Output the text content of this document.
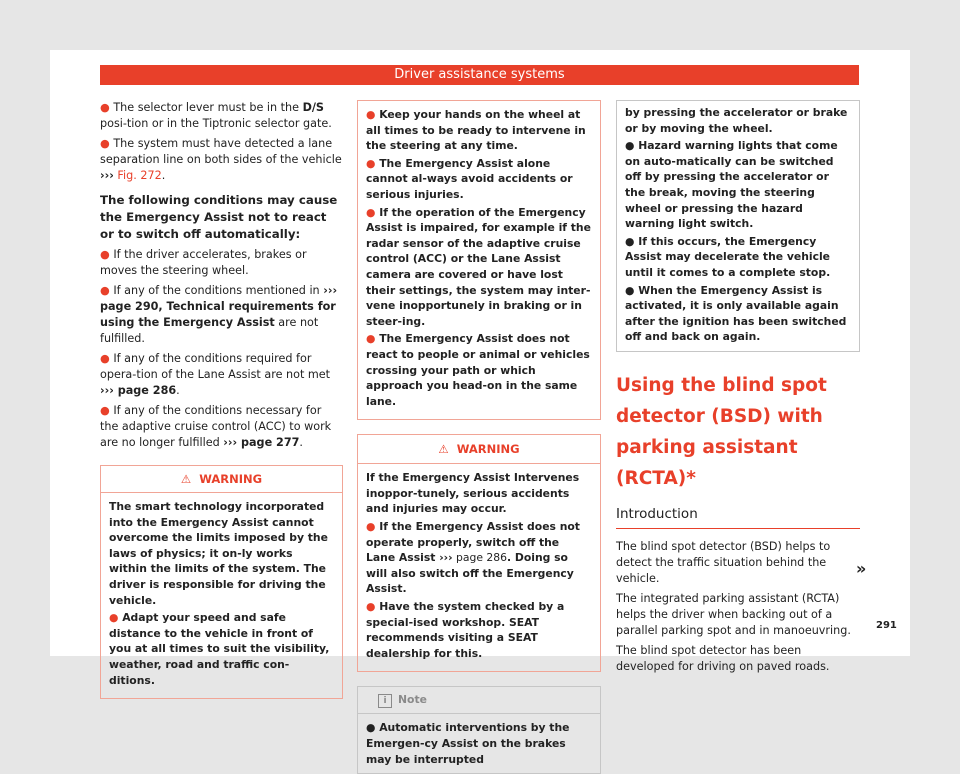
Driver assistance systems

● The selector lever must be in the D/S posi-tion or in the Tiptronic selector gate.

● The system must have detected a lane separation line on both sides of the vehicle ››› Fig. 272.

The following conditions may cause the Emergency Assist not to react or to switch off automatically:

● If the driver accelerates, brakes or moves the steering wheel.

● If any of the conditions mentioned in ››› page 290, Technical requirements for using the Emergency Assist are not fulfilled.

● If any of the conditions required for opera-tion of the Lane Assist are not met ››› page 286.

● If any of the conditions necessary for the adaptive cruise control (ACC) to work are no longer fulfilled ››› page 277.

⚠ WARNING

The smart technology incorporated into the Emergency Assist cannot overcome the limits imposed by the laws of physics; it on-ly works within the limits of the system. The driver is responsible for driving the vehicle.

● Adapt your speed and safe distance to the vehicle in front of you at all times to suit the visibility, weather, road and traffic con-ditions.

● Keep your hands on the wheel at all times to be ready to intervene in the steering at any time.

● The Emergency Assist alone cannot al-ways avoid accidents or serious injuries.

● If the operation of the Emergency Assist is impaired, for example if the radar sensor of the adaptive cruise control (ACC) or the Lane Assist camera are covered or have lost their settings, the system may inter-vene inopportunely in braking or in steer-ing.

● The Emergency Assist does not react to people or animal or vehicles crossing your path or which approach you head-on in the same lane.

⚠ WARNING

If the Emergency Assist Intervenes inoppor-tunely, serious accidents and injuries may occur.

● If the Emergency Assist does not operate properly, switch off the Lane Assist ››› page 286. Doing so will also switch off the Emergency Assist.

● Have the system checked by a special-ised workshop. SEAT recommends visiting a SEAT dealership for this.

i Note

● Automatic interventions by the Emergen-cy Assist on the brakes may be interrupted

by pressing the accelerator or brake or by moving the wheel.

● Hazard warning lights that come on auto-matically can be switched off by pressing the accelerator or the break, moving the steering wheel or pressing the hazard warning light switch.

● If this occurs, the Emergency Assist may decelerate the vehicle until it comes to a complete stop.

● When the Emergency Assist is activated, it is only available again after the ignition has been switched off and back on again.

Using the blind spot detector (BSD) with parking assistant (RCTA)*
Introduction

The blind spot detector (BSD) helps to detect the traffic situation behind the vehicle.

The integrated parking assistant (RCTA) helps the driver when backing out of a parallel parking spot and in manoeuvring.

The blind spot detector has been developed for driving on paved roads.

»
291
